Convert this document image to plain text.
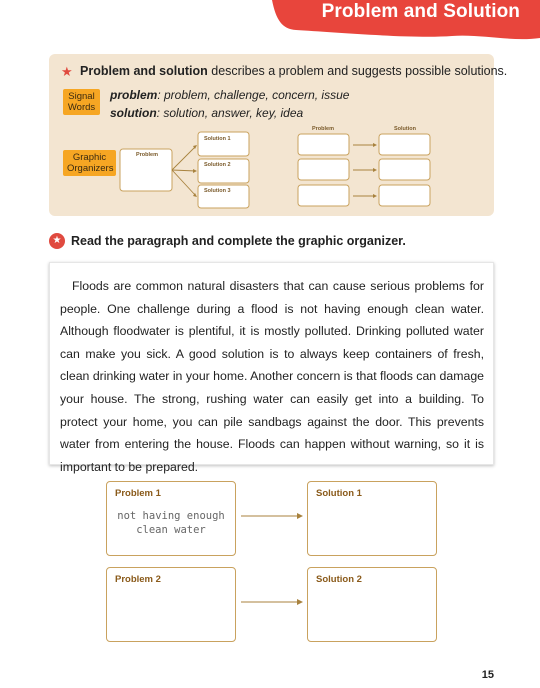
Problem and Solution
★ Problem and solution describes a problem and suggests possible solutions.
Signal Words
problem: problem, challenge, concern, issue
solution: solution, answer, key, idea
Graphic Organizers
Problem
Solution 1
Solution 2
Solution 3
Problem	Solution
★ Read the paragraph and complete the graphic organizer.
Floods are common natural disasters that can cause serious problems for people. One challenge during a flood is not having enough clean water. Although floodwater is plentiful, it is mostly polluted. Drinking polluted water can make you sick. A good solution is to always keep containers of fresh, clean drinking water in your home. Another concern is that floods can damage your house. The strong, rushing water can easily get into a building. To protect your home, you can pile sandbags against the door. This prevents water from entering the house. Floods can happen without warning, so it is important to be prepared.
Problem 1
not having enough
clean water
Solution 1
Problem 2	Solution 2
15
